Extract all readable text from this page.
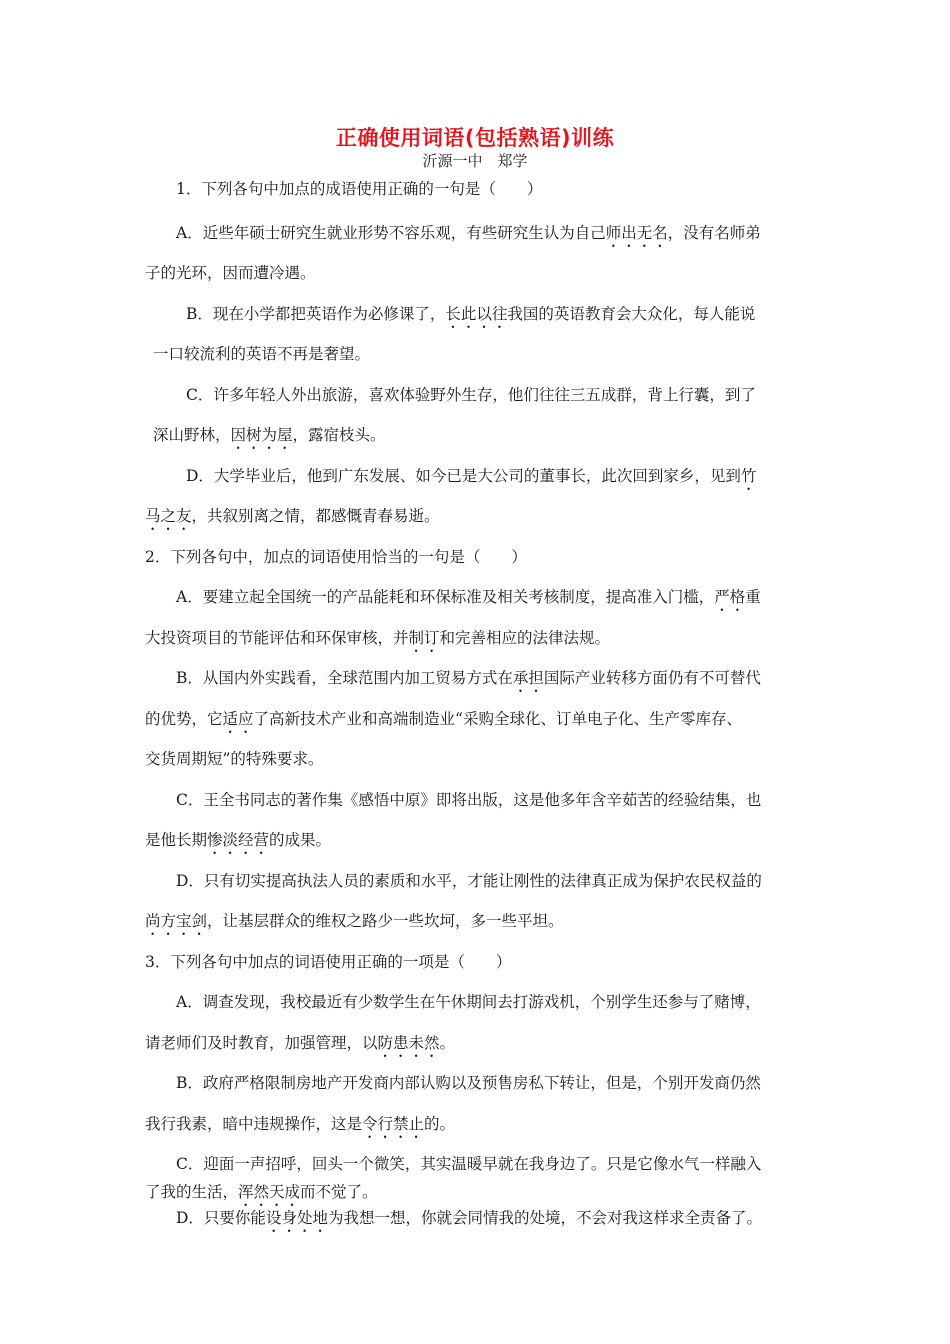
正确使用词语(包括熟语)训练
沂源一中　郑学
1．下列各句中加点的成语使用正确的一句是（　　）
A．近些年硕士研究生就业形势不容乐观，有些研究生认为自己师出无名，没有名师弟
子的光环，因而遭冷遇。
B．现在小学都把英语作为必修课了，长此以往我国的英语教育会大众化，每人能说
一口较流利的英语不再是奢望。
C．许多年轻人外出旅游，喜欢体验野外生存，他们往往三五成群，背上行囊，到了
深山野林，因树为屋，露宿枝头。
D．大学毕业后，他到广东发展、如今已是大公司的董事长，此次回到家乡，见到竹
马之友，共叙别离之情，都感慨青春易逝。
2．下列各句中，加点的词语使用恰当的一句是（　　）
A．要建立起全国统一的产品能耗和环保标准及相关考核制度，提高准入门槛，严格重
大投资项目的节能评估和环保审核，并制订和完善相应的法律法规。
B．从国内外实践看，全球范围内加工贸易方式在承担国际产业转移方面仍有不可替代
的优势，它适应了高新技术产业和高端制造业“采购全球化、订单电子化、生产零库存、
交货周期短”的特殊要求。
C．王全书同志的著作集《感悟中原》即将出版，这是他多年含辛茹苦的经验结集，也
是他长期惨淡经营的成果。
D．只有切实提高执法人员的素质和水平，才能让刚性的法律真正成为保护农民权益的
尚方宝剑，让基层群众的维权之路少一些坎坷，多一些平坦。
3．下列各句中加点的词语使用正确的一项是（　　）
A．调查发现，我校最近有少数学生在午休期间去打游戏机，个别学生还参与了赌博，
请老师们及时教育，加强管理，以防患未然。
B．政府严格限制房地产开发商内部认购以及预售房私下转让，但是，个别开发商仍然
我行我素，暗中违规操作，这是令行禁止的。
C．迎面一声招呼，回头一个微笑，其实温暖早就在我身边了。只是它像水气一样融入
了我的生活，浑然天成而不觉了。
D．只要你能设身处地为我想一想，你就会同情我的处境，不会对我这样求全责备了。
